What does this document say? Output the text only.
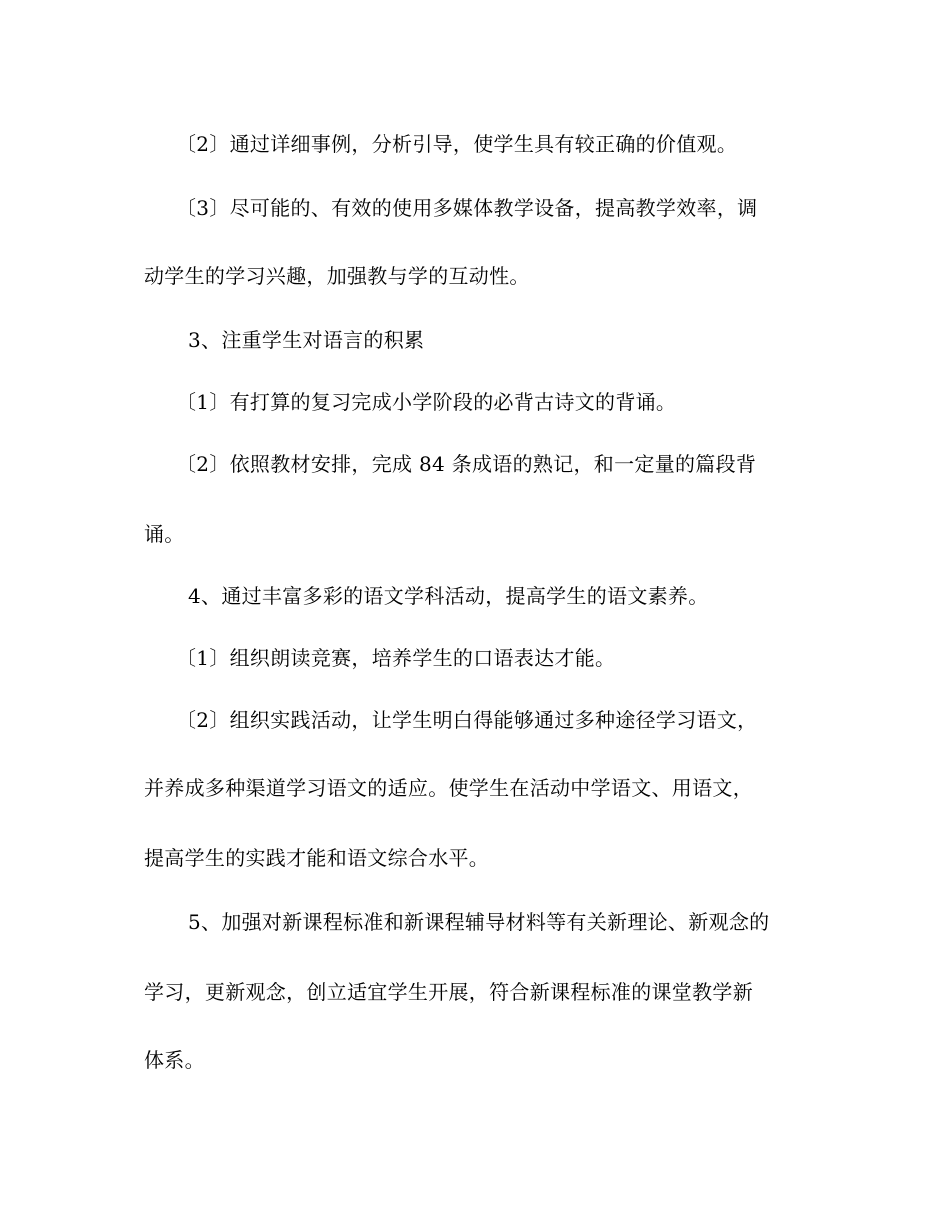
〔2〕通过详细事例，分析引导，使学生具有较正确的价值观。
〔3〕尽可能的、有效的使用多媒体教学设备，提高教学效率，调
动学生的学习兴趣，加强教与学的互动性。
3、注重学生对语言的积累
〔1〕有打算的复习完成小学阶段的必背古诗文的背诵。
〔2〕依照教材安排，完成 84 条成语的熟记，和一定量的篇段背
诵。
4、通过丰富多彩的语文学科活动，提高学生的语文素养。
〔1〕组织朗读竞赛，培养学生的口语表达才能。
〔2〕组织实践活动，让学生明白得能够通过多种途径学习语文，
并养成多种渠道学习语文的适应。使学生在活动中学语文、用语文，
提高学生的实践才能和语文综合水平。
5、加强对新课程标准和新课程辅导材料等有关新理论、新观念的
学习，更新观念，创立适宜学生开展，符合新课程标准的课堂教学新
体系。
